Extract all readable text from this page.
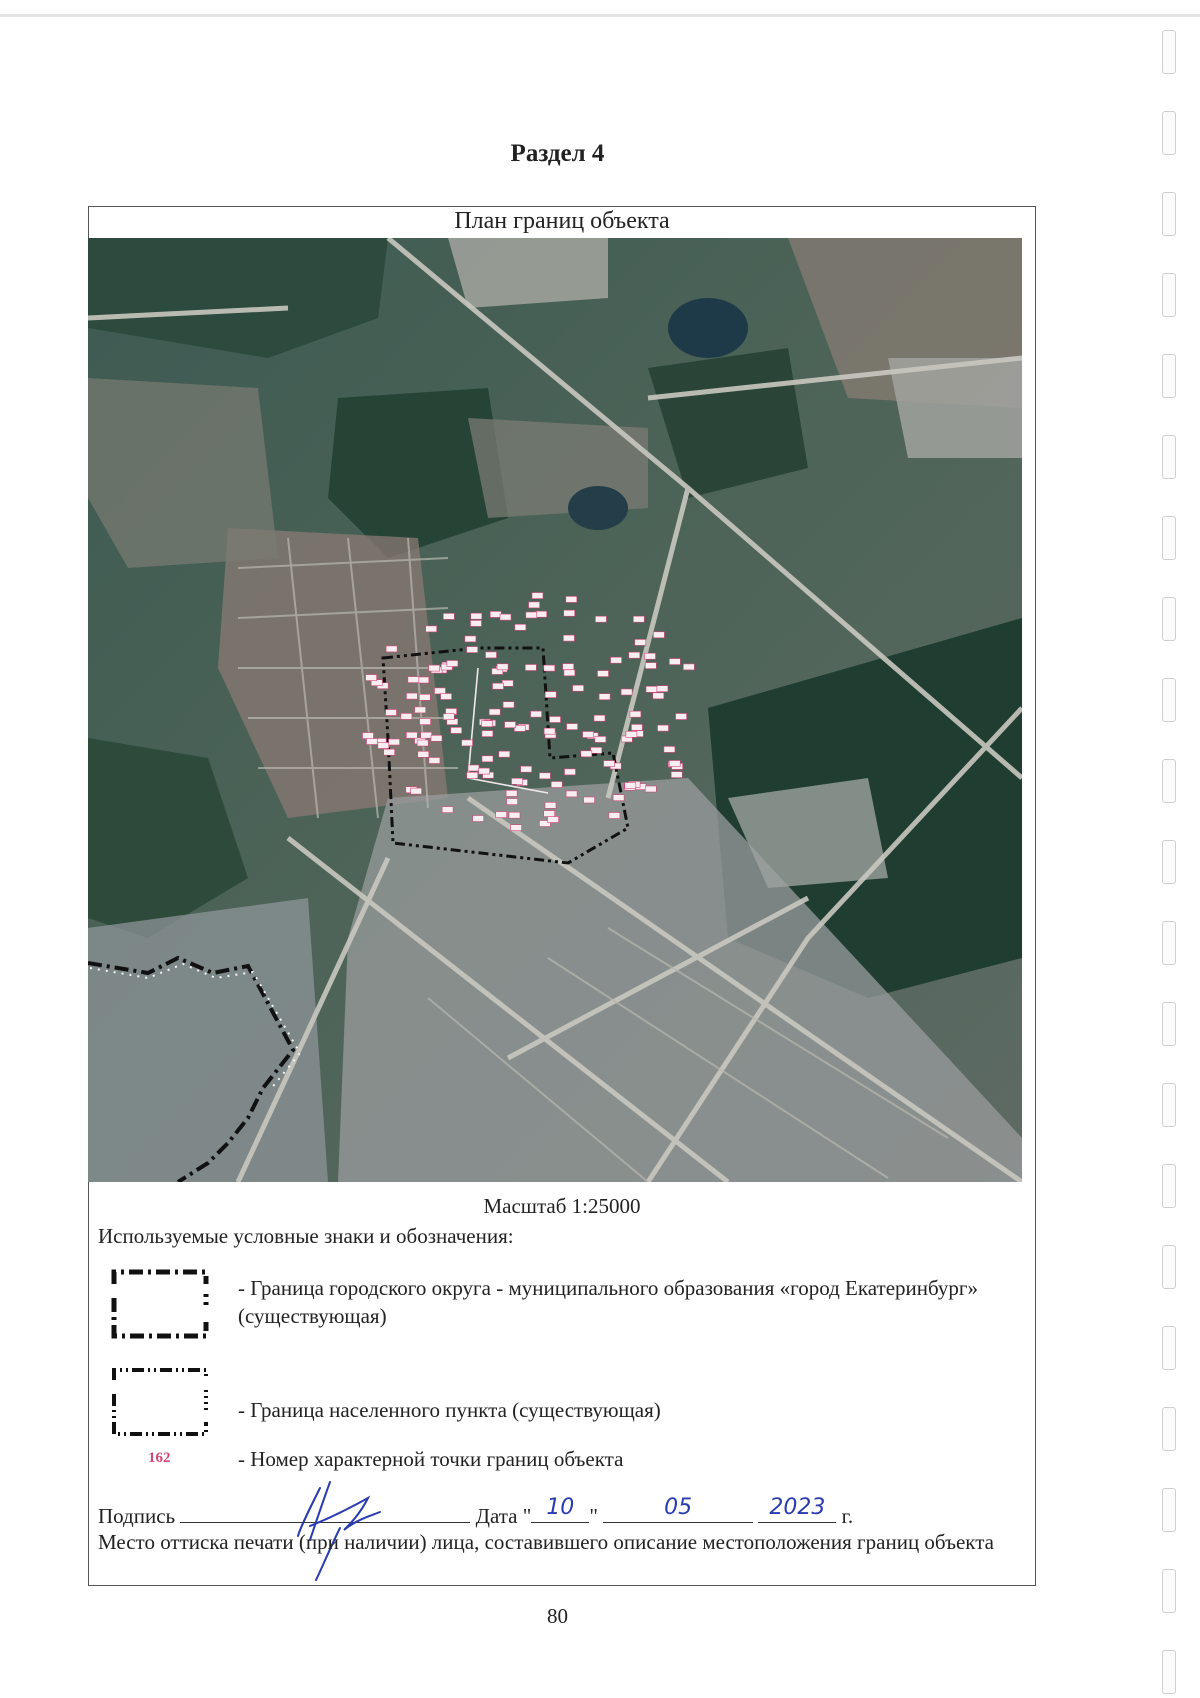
Раздел 4
План границ объекта
Масштаб 1:25000
Используемые условные знаки и обозначения:
- Граница городского округа - муниципального образования «город Екатеринбург» (существующая)
- Граница населенного пункта (существующая)
162	- Номер характерной точки границ объекта
Подпись	Дата " 10 "	05
	2023 г.
Место оттиска печати (при наличии) лица, составившего описание местоположения границ объекта
80
